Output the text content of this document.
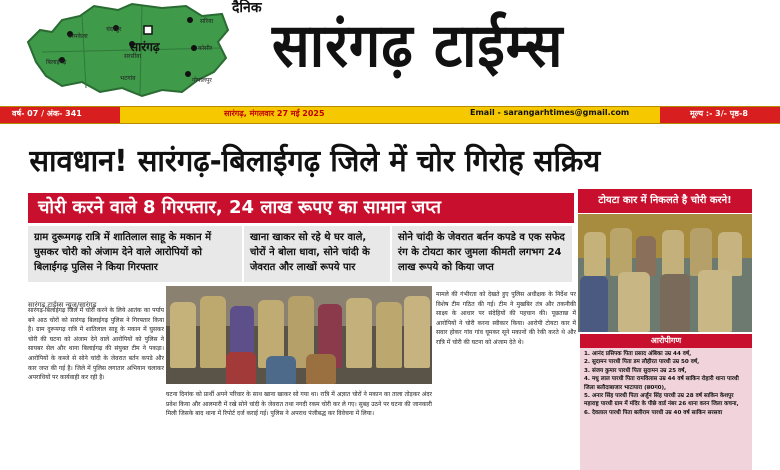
बरमकेला
सरिया
चंदरपुर
बिलाईगढ़
गोपालपुर
कोसीर
सरसींवा
भटगांव
सारंगढ़
दैनिक
सारंगढ़ टाईम्स
वर्ष- 07 / अंक- 341	सारंगढ़, मंगलवार 27 मई 2025	Email - sarangarhtimes@gmail.com	मूल्य :- 3/- पृष्ठ-8
सावधान! सारंगढ़-बिलाईगढ़ जिले में चोर गिरोह सक्रिय
चोरी करने वाले 8 गिरफ्तार, 24 लाख रूपए का सामान जप्त
ग्राम दुरूमगढ़ रात्रि में शातिलाल साहू के मकान में घुसकर चोरी को अंजाम देने वाले आरोपियों को बिलाईगढ़ पुलिस ने किया गिरफ्तार
खाना खाकर सो रहे थे घर वाले, चोरों ने बोला धावा, सोने चांदी के जेवरात और लाखों रूपये पार
सोने चांदी के जेवरात बर्तन कपडे व एक सफेद रंग के टोयटा कार जुमला कीमती लगभग 24 लाख रूपये को किया जप्त
टोयटा कार में निकलते है चोरी करने!
सारंगढ़ टाईम्स न्यूज/सारंगढ़
सारंगढ़-बिलाईगढ़ जिले में चोरी करने के लिये आतंक का पर्याय बने आठ चोरों को सारंगढ़ बिलाईगढ़ पुलिस ने गिरफ्तार किया है। ग्राम दुरूमगढ़ रात्रि में शातिलाल साहू के मकान में घुसकर चोरी की घटना को अंजाम देने वाले आरोपियों को पुलिस ने सायबर सेल और थाना बिलाईगढ़ की संयुक्त टीम ने पकड़ा। आरोपियों के कब्जे से सोने चांदी के जेवरात बर्तन कपडे और कार जप्त की गई है। जिले में पुलिस लगातार अभियान चलाकर अपराधियों पर कार्यवाही कर रही है।
घटना दिनांक को प्रार्थी अपने परिवार के साथ खाना खाकर सो गया था। रात्रि में अज्ञात चोरों ने मकान का ताला तोड़कर अंदर प्रवेश किया और आलमारी में रखे सोने चांदी के जेवरात तथा नगदी रकम चोरी कर ले गए। सुबह उठने पर घटना की जानकारी मिली जिसके बाद थाना में रिपोर्ट दर्ज कराई गई। पुलिस ने अपराध पंजीबद्ध कर विवेचना में लिया।
मामले की गंभीरता को देखते हुए पुलिस अधीक्षक के निर्देश पर विशेष टीम गठित की गई। टीम ने मुखबिर तंत्र और तकनीकी साक्ष्य के आधार पर संदेहियों की पहचान की। पूछताछ में आरोपियों ने चोरी करना स्वीकार किया। आरोपी टोयटा कार में सवार होकर गांव गांव घूमकर सूने मकानों की रेकी करते थे और रात्रि में चोरी की घटना को अंजाम देते थे।	आरोपीगण

1. आनंद प्रसिपक पिता प्रसाद अंबिका उम्र 44 वर्ष,

2. सुदामन पारधी पिता डम लौहीरत पारधी उम्र 50 वर्ष,

3. संजय कुमार पारधी पिता सुदामन उम्र 25 वर्ष,

4. मधु लाल पारधी पिता रामविलास उम्र 44 वर्ष साकिन रोहारी थाना पारधी जिला बलौदाबाजार भाटापारा (छ0ग0),

5. अनार सिंह पारधी पिता अर्जुन सिंह पारधी उम्र 28 वर्ष साकिन केशपुर महाराष्ट्र पारधी ग्राम में मंदिर के पीछे वार्ड नंबर 26 थाना करन जिला कचना,

6. देवलाल पारधी पिता बलीराम पारधी उम्र 40 वर्ष साकिन सरसवा
